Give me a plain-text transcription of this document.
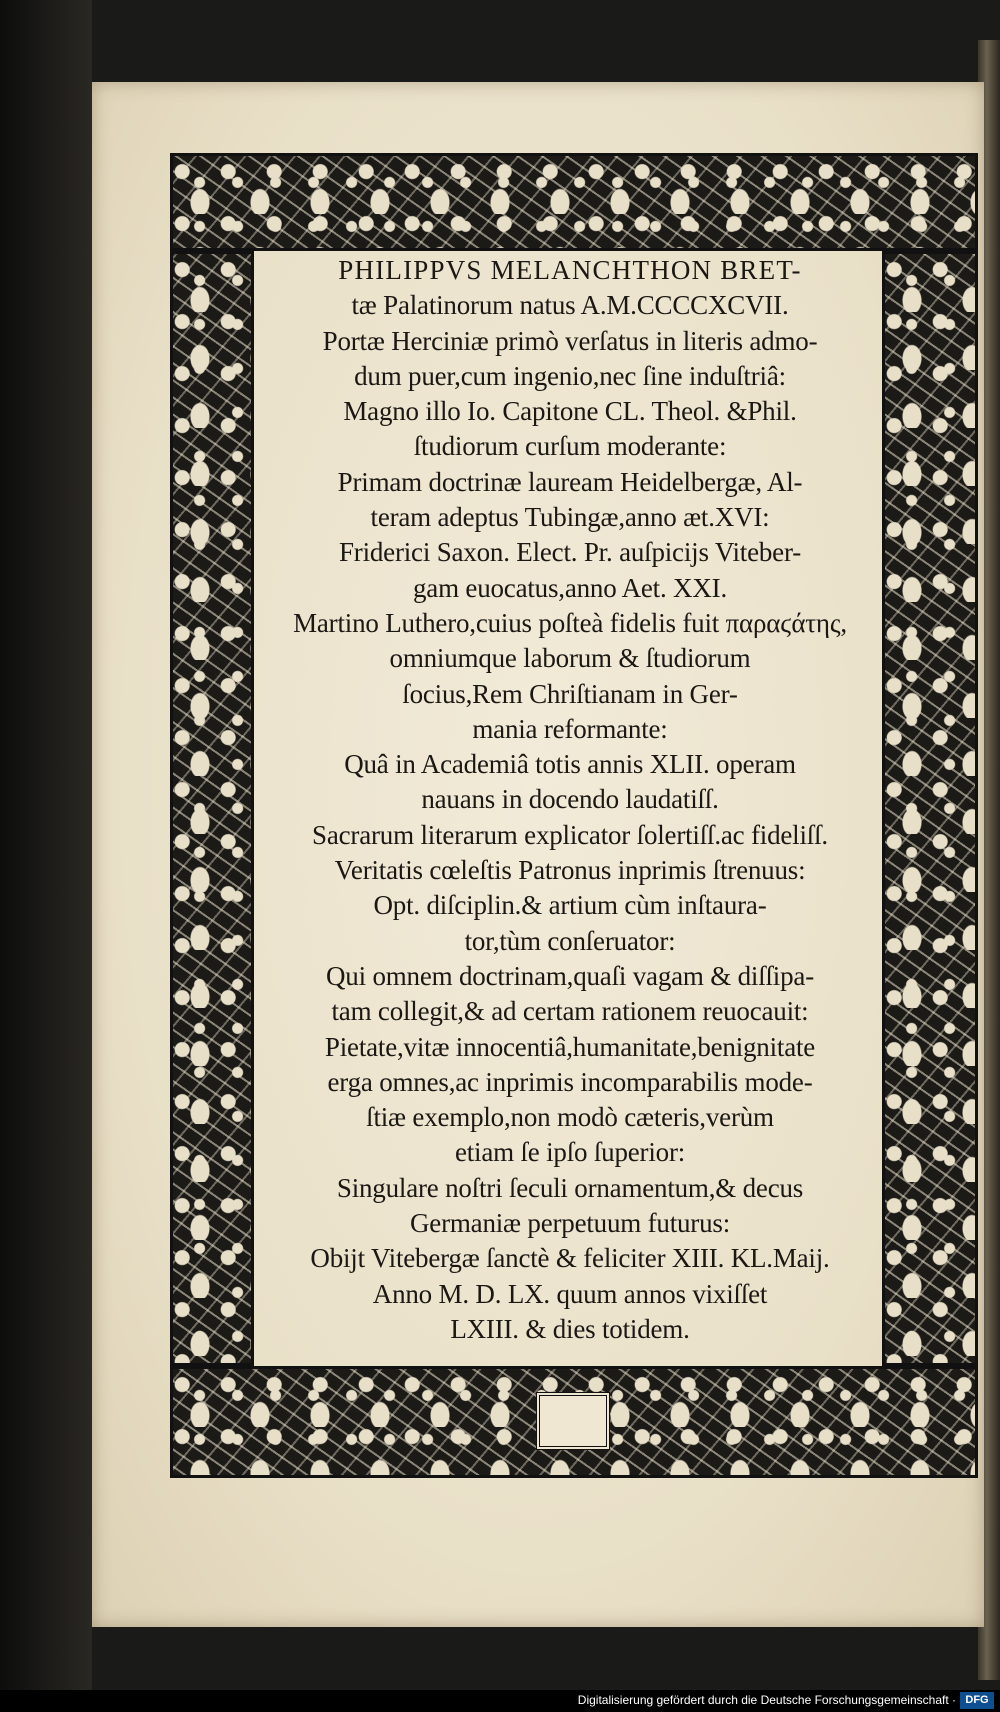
PHILIPPVS MELANCHTHON BRET-
tæ Palatinorum natus A.M.CCCCXCVII.
Portæ Herciniæ primò verſatus in literis admo-
dum puer,cum ingenio,nec ſine induſtriâ:
Magno illo Io. Capitone CL. Theol. &Phil.
ſtudiorum curſum moderante:
Primam doctrinæ lauream Heidelbergæ, Al-
teram adeptus Tubingæ,anno æt.XVI:
Friderici Saxon. Elect. Pr. auſpicijs Viteber-
gam euocatus,anno Aet. XXI.
Martino Luthero,cuius poſteà fidelis fuit παραϛάτης,
omniumque laborum & ſtudiorum
ſocius,Rem Chriſtianam in Ger-
mania reformante:
Quâ in Academiâ totis annis XLII. operam
nauans in docendo laudatiſſ.
Sacrarum literarum explicator ſolertiſſ.ac fideliſſ.
Veritatis cœleſtis Patronus inprimis ſtrenuus:
Opt. diſciplin.& artium cùm inſtaura-
tor,tùm conſeruator:
Qui omnem doctrinam,quaſi vagam & diſſipa-
tam collegit,& ad certam rationem reuocauit:
Pietate,vitæ innocentiâ,humanitate,benignitate
erga omnes,ac inprimis incomparabilis mode-
ſtiæ exemplo,non modò cæteris,verùm
etiam ſe ipſo ſuperior:
Singulare noſtri ſeculi ornamentum,& decus
Germaniæ perpetuum futurus:
Obijt Vitebergæ ſanctè & feliciter XIII. KL.Maij.
Anno M. D. LX. quum annos vixiſſet
LXIII. & dies totidem.
Digitalisierung gefördert durch die Deutsche Forschungsgemeinschaft · DFG
